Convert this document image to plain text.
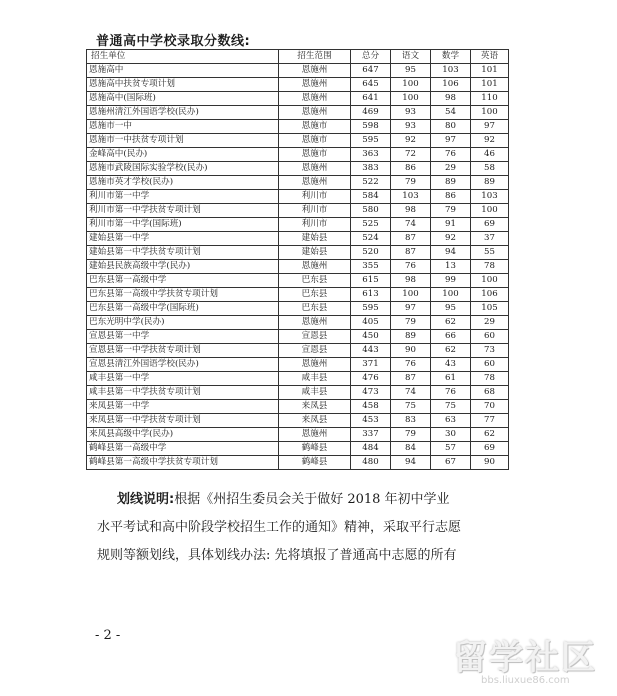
普通高中学校录取分数线:
招生单位	招生范围	总分	语文	数学	英语
恩施高中	恩施州	647	95	103	101
恩施高中扶贫专项计划	恩施州	645	100	106	101
恩施高中(国际班)	恩施州	641	100	98	110
恩施州清江外国语学校(民办)	恩施州	469	93	54	100
恩施市一中	恩施市	598	93	80	97
恩施市一中扶贫专项计划	恩施市	595	92	97	92
金峰高中(民办)	恩施市	363	72	76	46
恩施市武陵国际实验学校(民办)	恩施州	383	86	29	58
恩施市英才学校(民办)	恩施州	522	79	89	89
利川市第一中学	利川市	584	103	86	103
利川市第一中学扶贫专项计划	利川市	580	98	79	100
利川市第一中学(国际班)	利川市	525	74	91	69
建始县第一中学	建始县	524	87	92	37
建始县第一中学扶贫专项计划	建始县	520	87	94	55
建始县民族高级中学(民办)	恩施州	355	76	13	78
巴东县第一高级中学	巴东县	615	98	99	100
巴东县第一高级中学扶贫专项计划	巴东县	613	100	100	106
巴东县第一高级中学(国际班)	巴东县	595	97	95	105
巴东光明中学(民办)	恩施州	405	79	62	29
宣恩县第一中学	宣恩县	450	89	66	60
宣恩县第一中学扶贫专项计划	宣恩县	443	90	62	73
宣恩县清江外国语学校(民办)	恩施州	371	76	43	60
咸丰县第一中学	咸丰县	476	87	61	78
咸丰县第一中学扶贫专项计划	咸丰县	473	74	76	68
来凤县第一中学	来凤县	458	75	75	70
来凤县第一中学扶贫专项计划	来凤县	453	83	63	77
来凤县高级中学(民办)	恩施州	337	79	30	62
鹤峰县第一高级中学	鹤峰县	484	84	57	69
鹤峰县第一高级中学扶贫专项计划	鹤峰县	480	94	67	90

划线说明:根据《州招生委员会关于做好 2018 年初中学业

水平考试和高中阶段学校招生工作的通知》精神，采取平行志愿

规则等额划线，具体划线办法: 先将填报了普通高中志愿的所有

- 2 -
留学社区
bbs.liuxue86.com
